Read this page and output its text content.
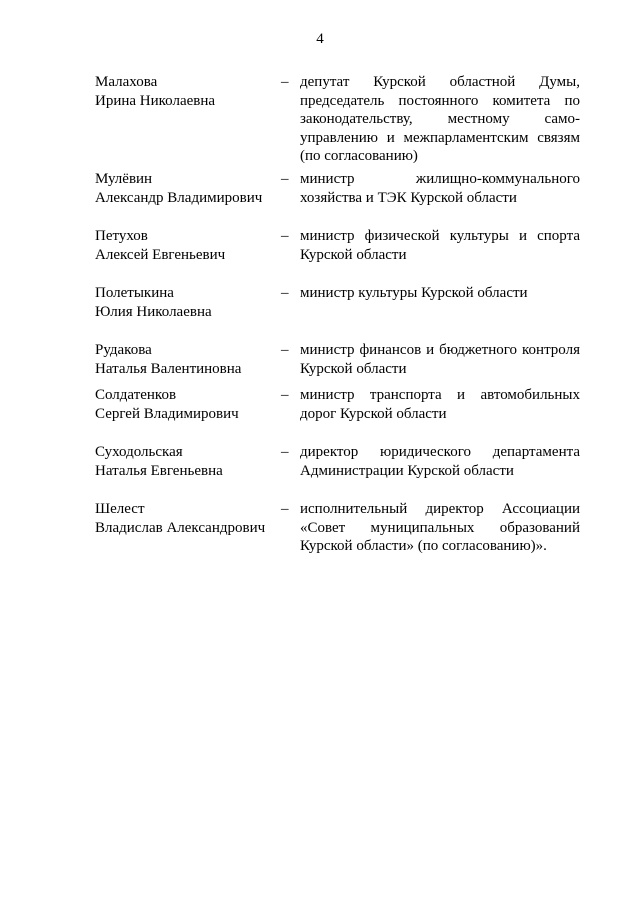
4
Малахова
Ирина Николаевна
– депутат Курской областной Думы,
председатель постоянного комитета по
законодательству, местному само-
управлению и межпарламентским связям
(по согласованию)
Мулёвин
Александр Владимирович
– министр жилищно-коммунального
хозяйства и ТЭК Курской области
Петухов
Алексей Евгеньевич
– министр физической культуры и спорта
Курской области
Полетыкина
Юлия Николаевна
– министр культуры Курской области
Рудакова
Наталья Валентиновна
– министр финансов и бюджетного контроля
Курской области
Солдатенков
Сергей Владимирович
– министр транспорта и автомобильных
дорог Курской области
Суходольская
Наталья Евгеньевна
– директор юридического департамента
Администрации Курской области
Шелест
Владислав Александрович
– исполнительный директор Ассоциации
«Совет муниципальных образований
Курской области» (по согласованию)».
